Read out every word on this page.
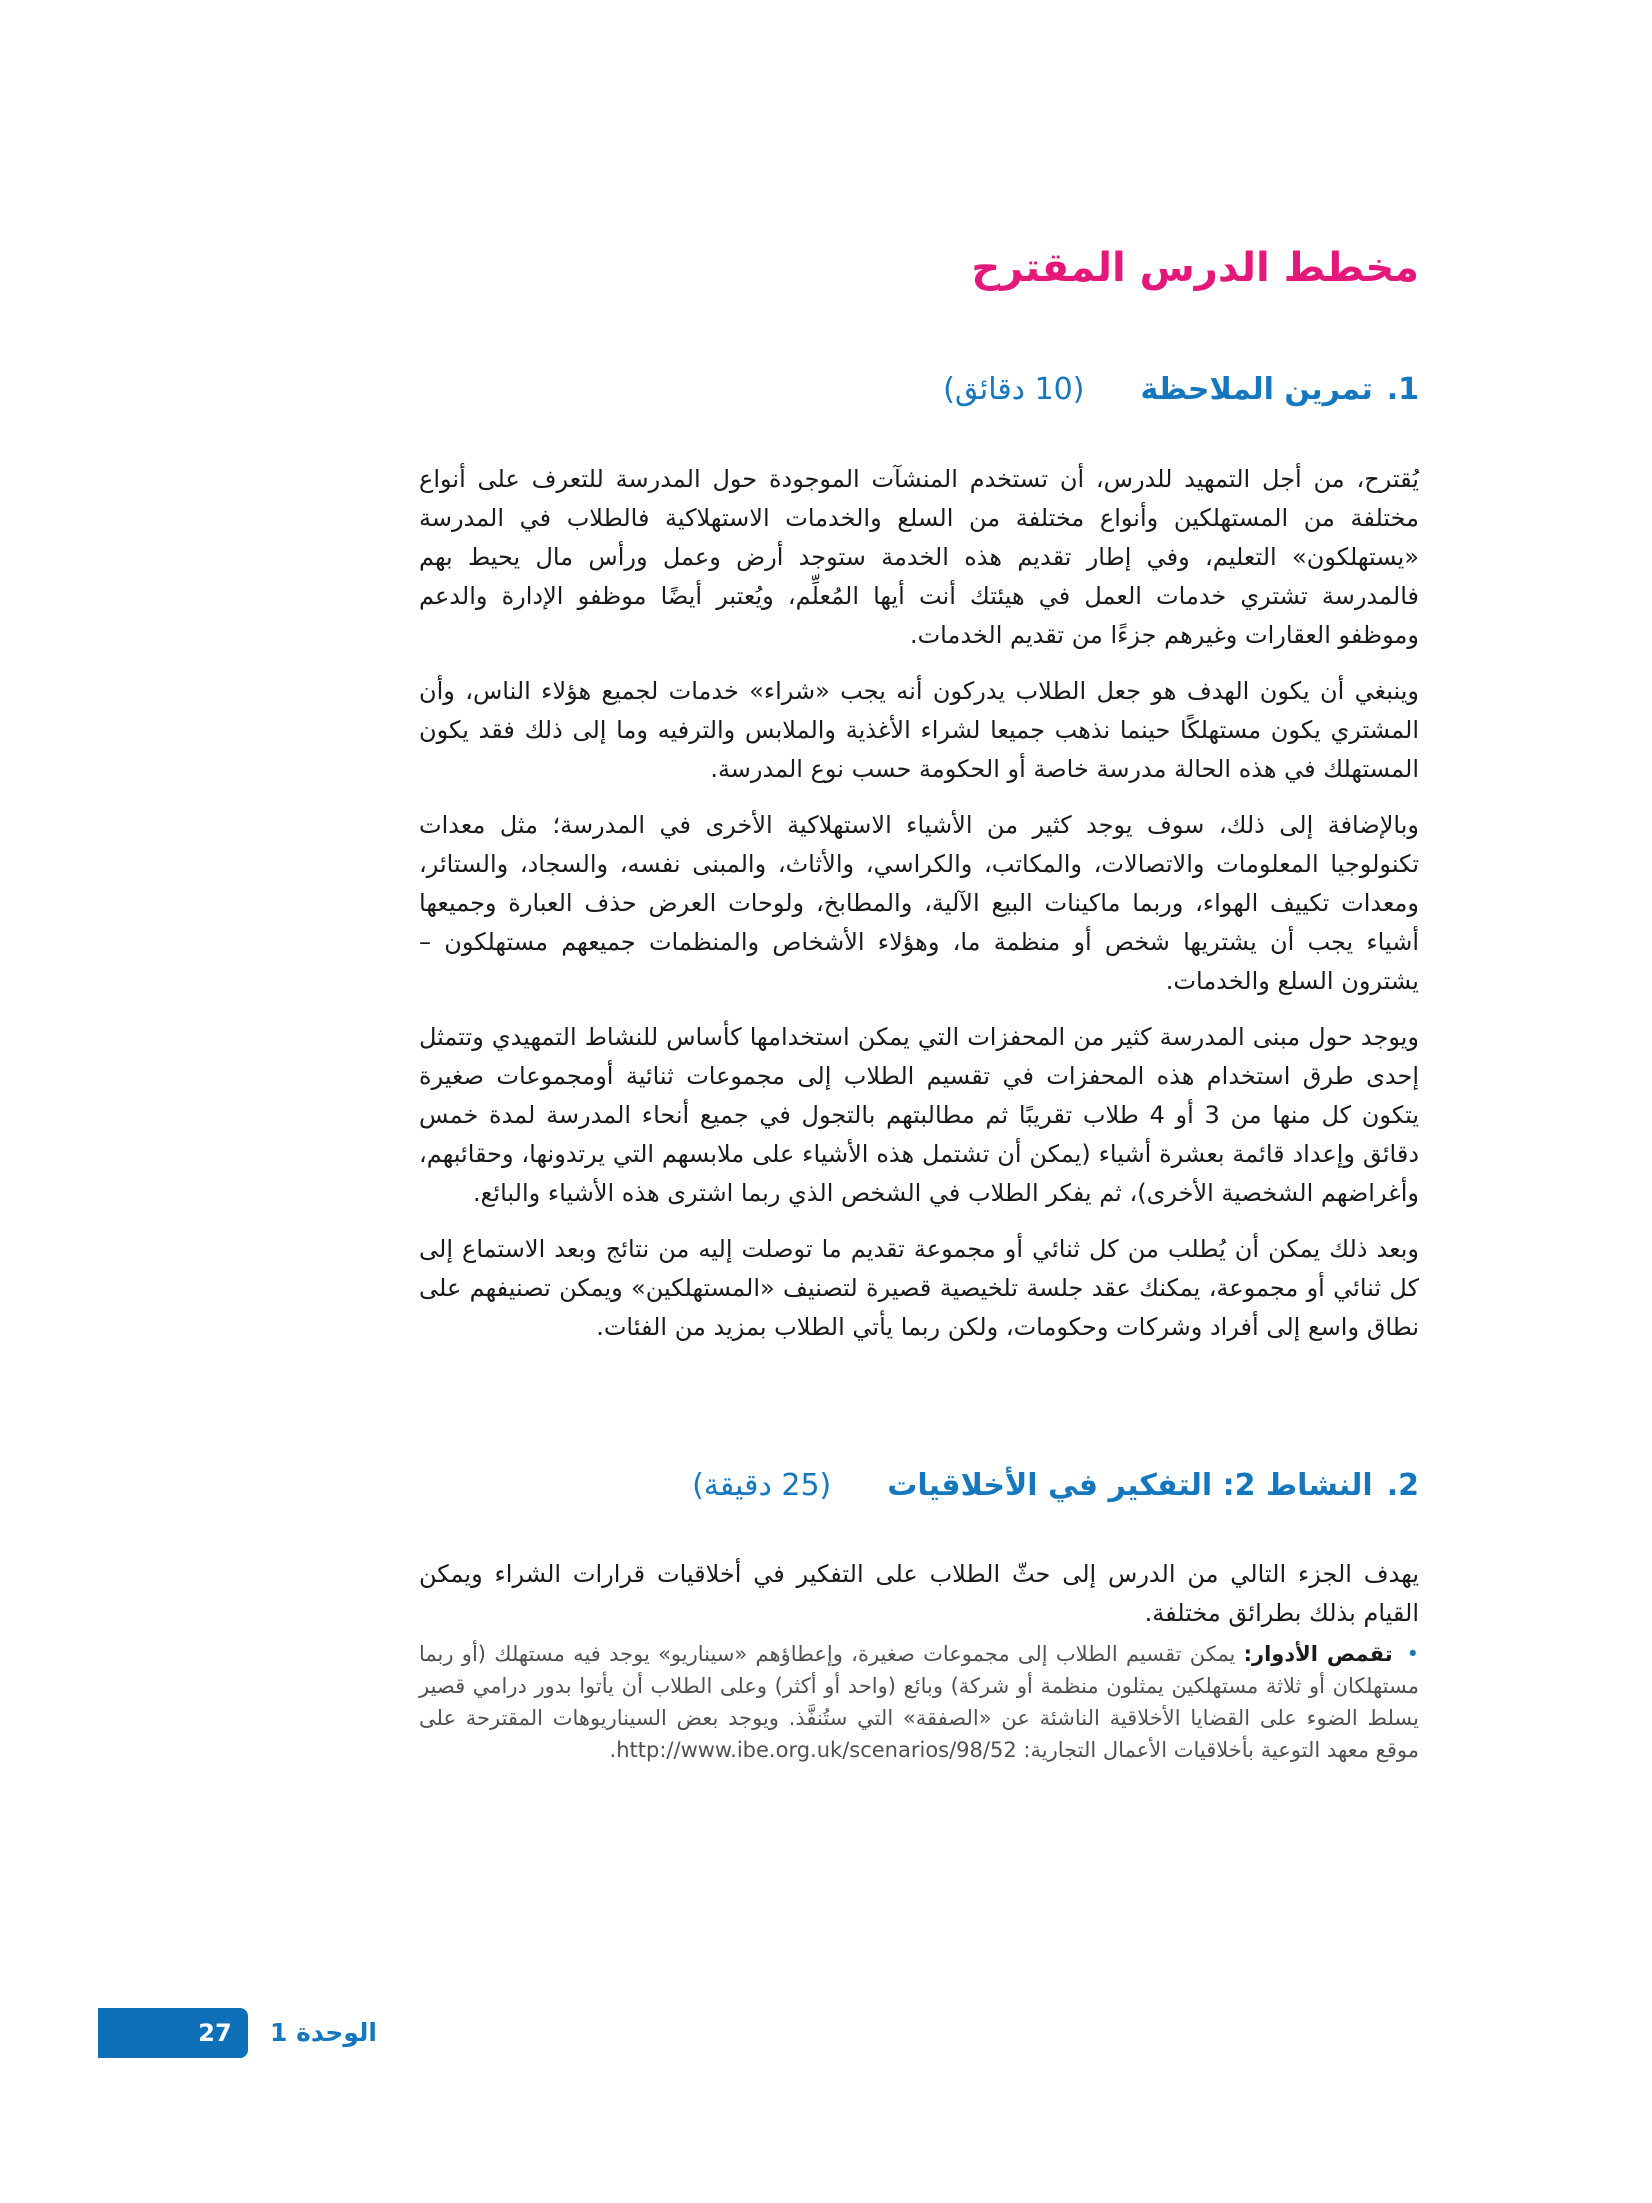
مخطط الدرس المقترح
1.تمرين الملاحظة(10 دقائق)

يُقترح، من أجل التمهيد للدرس، أن تستخدم المنشآت الموجودة حول المدرسة للتعرف على أنواع مختلفة من المستهلكين وأنواع مختلفة من السلع والخدمات الاستهلاكية فالطلاب في المدرسة «يستهلكون» التعليم، وفي إطار تقديم هذه الخدمة ستوجد أرض وعمل ورأس مال يحيط بهم فالمدرسة تشتري خدمات العمل في هيئتك أنت أيها المُعلِّم، ويُعتبر أيضًا موظفو الإدارة والدعم وموظفو العقارات وغيرهم جزءًا من تقديم الخدمات.

وينبغي أن يكون الهدف هو جعل الطلاب يدركون أنه يجب «شراء» خدمات لجميع هؤلاء الناس، وأن المشتري يكون مستهلكًا حينما نذهب جميعا لشراء الأغذية والملابس والترفيه وما إلى ذلك فقد يكون المستهلك في هذه الحالة مدرسة خاصة أو الحكومة حسب نوع المدرسة.

وبالإضافة إلى ذلك، سوف يوجد كثير من الأشياء الاستهلاكية الأخرى في المدرسة؛ مثل معدات تكنولوجيا المعلومات والاتصالات، والمكاتب، والكراسي، والأثاث، والمبنى نفسه، والسجاد، والستائر، ومعدات تكييف الهواء، وربما ماكينات البيع الآلية، والمطابخ، ولوحات العرض حذف العبارة وجميعها أشياء يجب أن يشتريها شخص أو منظمة ما، وهؤلاء الأشخاص والمنظمات جميعهم مستهلكون – يشترون السلع والخدمات.

ويوجد حول مبنى المدرسة كثير من المحفزات التي يمكن استخدامها كأساس للنشاط التمهيدي وتتمثل إحدى طرق استخدام هذه المحفزات في تقسيم الطلاب إلى مجموعات ثنائية أومجموعات صغيرة يتكون كل منها من 3 أو 4 طلاب تقريبًا ثم مطالبتهم بالتجول في جميع أنحاء المدرسة لمدة خمس دقائق وإعداد قائمة بعشرة أشياء (يمكن أن تشتمل هذه الأشياء على ملابسهم التي يرتدونها، وحقائبهم، وأغراضهم الشخصية الأخرى)، ثم يفكر الطلاب في الشخص الذي ربما اشترى هذه الأشياء والبائع.

وبعد ذلك يمكن أن يُطلب من كل ثنائي أو مجموعة تقديم ما توصلت إليه من نتائج وبعد الاستماع إلى كل ثنائي أو مجموعة، يمكنك عقد جلسة تلخيصية قصيرة لتصنيف «المستهلكين» ويمكن تصنيفهم على نطاق واسع إلى أفراد وشركات وحكومات، ولكن ربما يأتي الطلاب بمزيد من الفئات.

2.النشاط 2: التفكير في الأخلاقيات(25 دقيقة)

يهدف الجزء التالي من الدرس إلى حثّ الطلاب على التفكير في أخلاقيات قرارات الشراء ويمكن القيام بذلك بطرائق مختلفة.

•تقمص الأدوار: يمكن تقسيم الطلاب إلى مجموعات صغيرة، وإعطاؤهم «سيناريو» يوجد فيه مستهلك (أو ربما مستهلكان أو ثلاثة مستهلكين يمثلون منظمة أو شركة) وبائع (واحد أو أكثر) وعلى الطلاب أن يأتوا بدور درامي قصير يسلط الضوء على القضايا الأخلاقية الناشئة عن «الصفقة» التي ستُنفَّذ. ويوجد بعض السيناريوهات المقترحة على موقع معهد التوعية بأخلاقيات الأعمال التجارية: http://www.ibe.org.uk/scenarios/98/52.
27	الوحدة 1
